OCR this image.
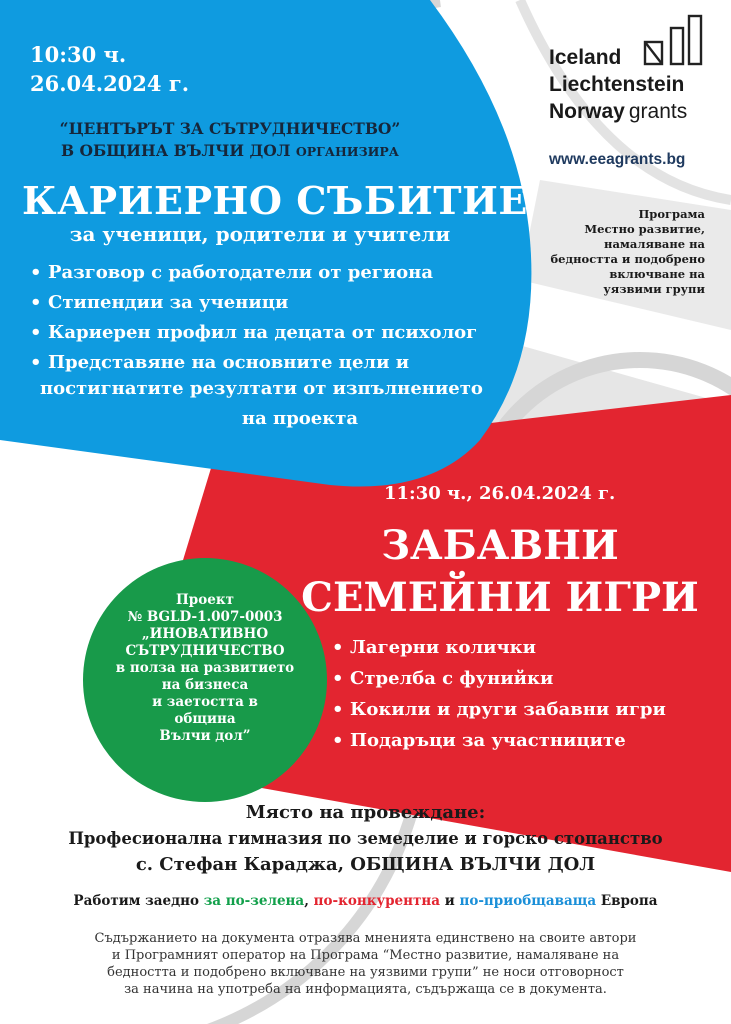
10:30 ч.
26.04.2024 г.
“ЦЕНТЪРЪТ ЗА СЪТРУДНИЧЕСТВО”
В ОБЩИНА ВЪЛЧИ ДОЛ ОРГАНИЗИРА
КАРИЕРНО СЪБИТИЕ
за ученици, родители и учители
• Разговор с работодатели от региона
• Стипендии за ученици
• Кариерен профил на децата от психолог
• Представяне на основните цели и
постигнатите резултати от изпълнението
на проекта
Iceland
Liechtenstein
Norway grants
www.eeagrants.bg
Програма
Местно развитие,
намаляване на
бедността и подобрено
включване на
уязвими групи
11:30 ч., 26.04.2024 г.
ЗАБАВНИ
СЕМЕЙНИ ИГРИ
• Лагерни колички
• Стрелба с фунийки
• Кокили и други забавни игри
• Подаръци за участниците
Проект
№ BGLD-1.007-0003
„ИНОВАТИВНО
СЪТРУДНИЧЕСТВО
в полза на развитието
на бизнеса
и заетостта в
община
Вълчи дол”
Място на провеждане:
Професионална гимназия по земеделие и горско стопанство
с. Стефан Караджа, ОБЩИНА ВЪЛЧИ ДОЛ
Работим заедно за по-зелена, по-конкурентна и по-приобщаваща Европа
Съдържанието на документа отразява мненията единствено на своите автори
и Програмният оператор на Програма “Местно развитие, намаляване на
бедността и подобрено включване на уязвими групи” не носи отговорност
за начина на употреба на информацията, съдържаща се в документа.
